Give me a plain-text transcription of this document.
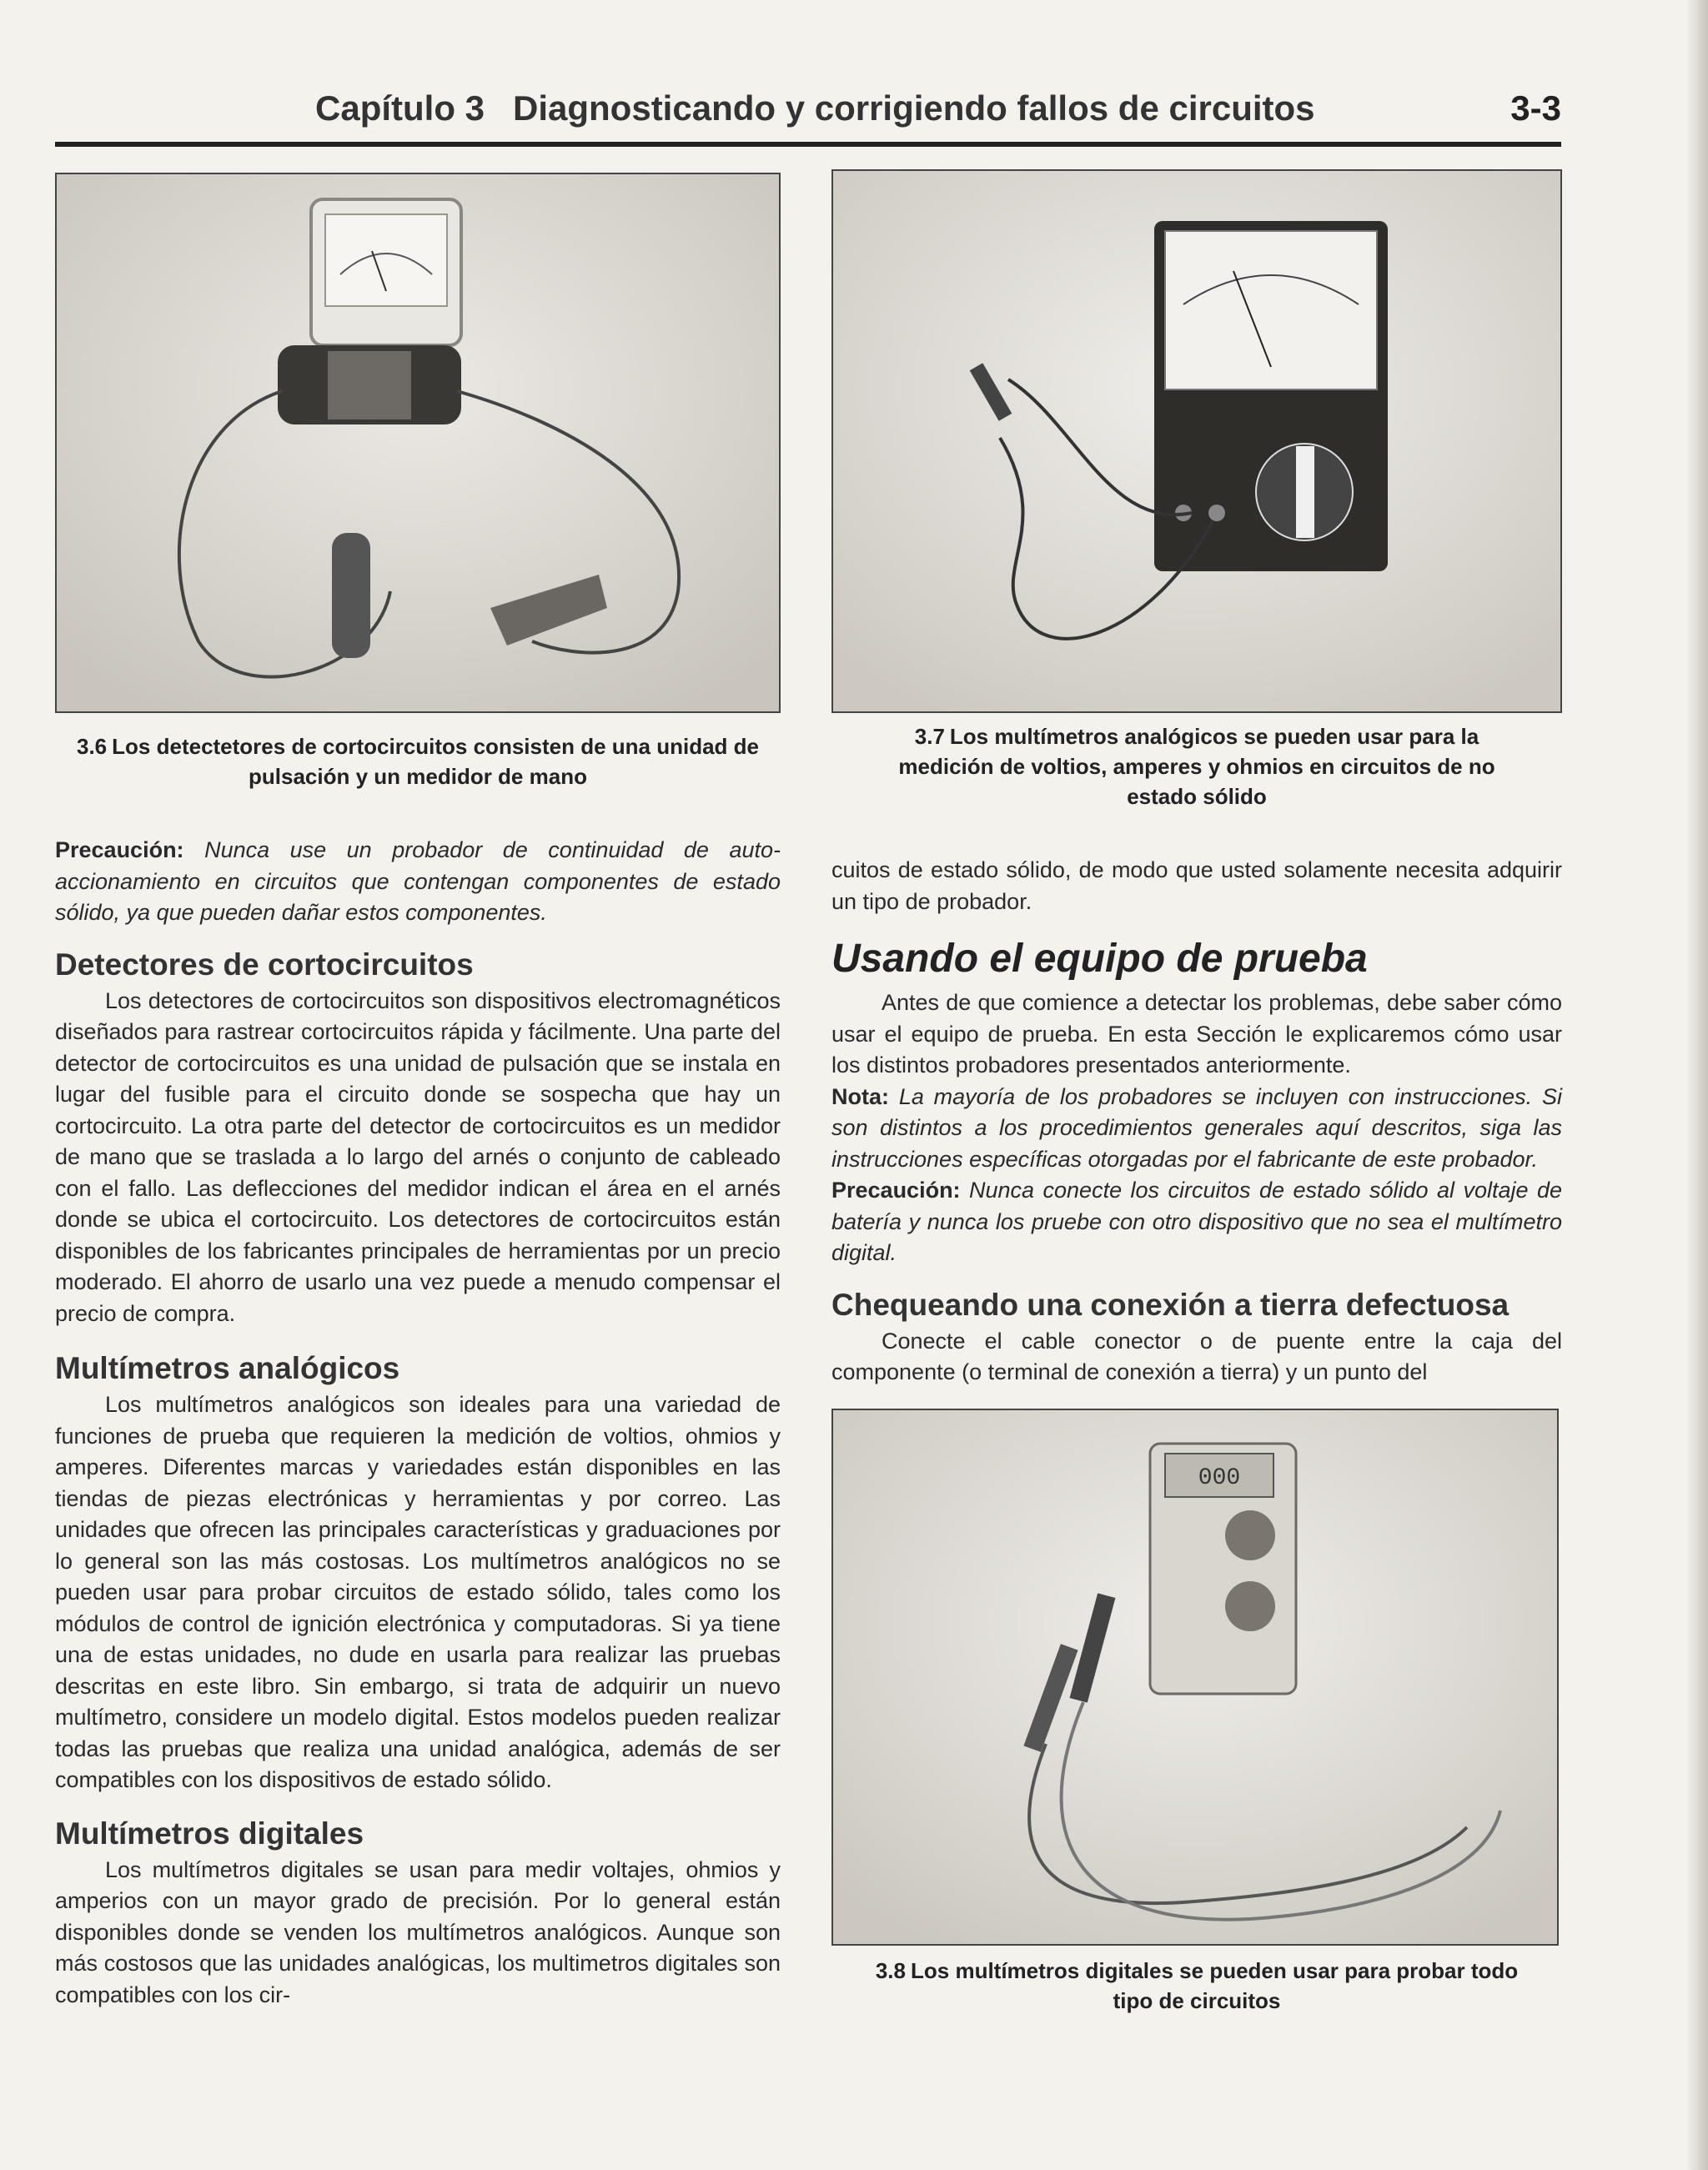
Capítulo 3 Diagnosticando y corrigiendo fallos de circuitos	3-3
3.6 Los detectetores de cortocircuitos consisten de una unidad de pulsación y un medidor de mano

Precaución: Nunca use un probador de continuidad de auto-accionamiento en circuitos que contengan componentes de estado sólido, ya que pueden dañar estos componentes.

Detectores de cortocircuitos

Los detectores de cortocircuitos son dispositivos electromagnéticos diseñados para rastrear cortocircuitos rápida y fácilmente. Una parte del detector de cortocircuitos es una unidad de pulsación que se instala en lugar del fusible para el circuito donde se sospecha que hay un cortocircuito. La otra parte del detector de cortocircuitos es un medidor de mano que se traslada a lo largo del arnés o conjunto de cableado con el fallo. Las deflecciones del medidor indican el área en el arnés donde se ubica el cortocircuito. Los detectores de cortocircuitos están disponibles de los fabricantes principales de herramientas por un precio moderado. El ahorro de usarlo una vez puede a menudo compensar el precio de compra.

Multímetros analógicos

Los multímetros analógicos son ideales para una variedad de funciones de prueba que requieren la medición de voltios, ohmios y amperes. Diferentes marcas y variedades están disponibles en las tiendas de piezas electrónicas y herramientas y por correo. Las unidades que ofrecen las principales características y graduaciones por lo general son las más costosas. Los multímetros analógicos no se pueden usar para probar circuitos de estado sólido, tales como los módulos de control de ignición electrónica y computadoras. Si ya tiene una de estas unidades, no dude en usarla para realizar las pruebas descritas en este libro. Sin embargo, si trata de adquirir un nuevo multímetro, considere un modelo digital. Estos modelos pueden realizar todas las pruebas que realiza una unidad analógica, además de ser compatibles con los dispositivos de estado sólido.

Multímetros digitales

Los multímetros digitales se usan para medir voltajes, ohmios y amperios con un mayor grado de precisión. Por lo general están disponibles donde se venden los multímetros analógicos. Aunque son más costosos que las unidades analógicas, los multimetros digitales son compatibles con los cir-

3.7 Los multímetros analógicos se pueden usar para la medición de voltios, amperes y ohmios en circuitos de no estado sólido

cuitos de estado sólido, de modo que usted solamente necesita adquirir un tipo de probador.

Usando el equipo de prueba

Antes de que comience a detectar los problemas, debe saber cómo usar el equipo de prueba. En esta Sección le explicaremos cómo usar los distintos probadores presentados anteriormente.

Nota: La mayoría de los probadores se incluyen con instrucciones. Si son distintos a los procedimientos generales aquí descritos, siga las instrucciones específicas otorgadas por el fabricante de este probador.

Precaución: Nunca conecte los circuitos de estado sólido al voltaje de batería y nunca los pruebe con otro dispositivo que no sea el multímetro digital.

Chequeando una conexión a tierra defectuosa

Conecte el cable conector o de puente entre la caja del componente (o terminal de conexión a tierra) y un punto del

000
3.8 Los multímetros digitales se pueden usar para probar todo tipo de circuitos
